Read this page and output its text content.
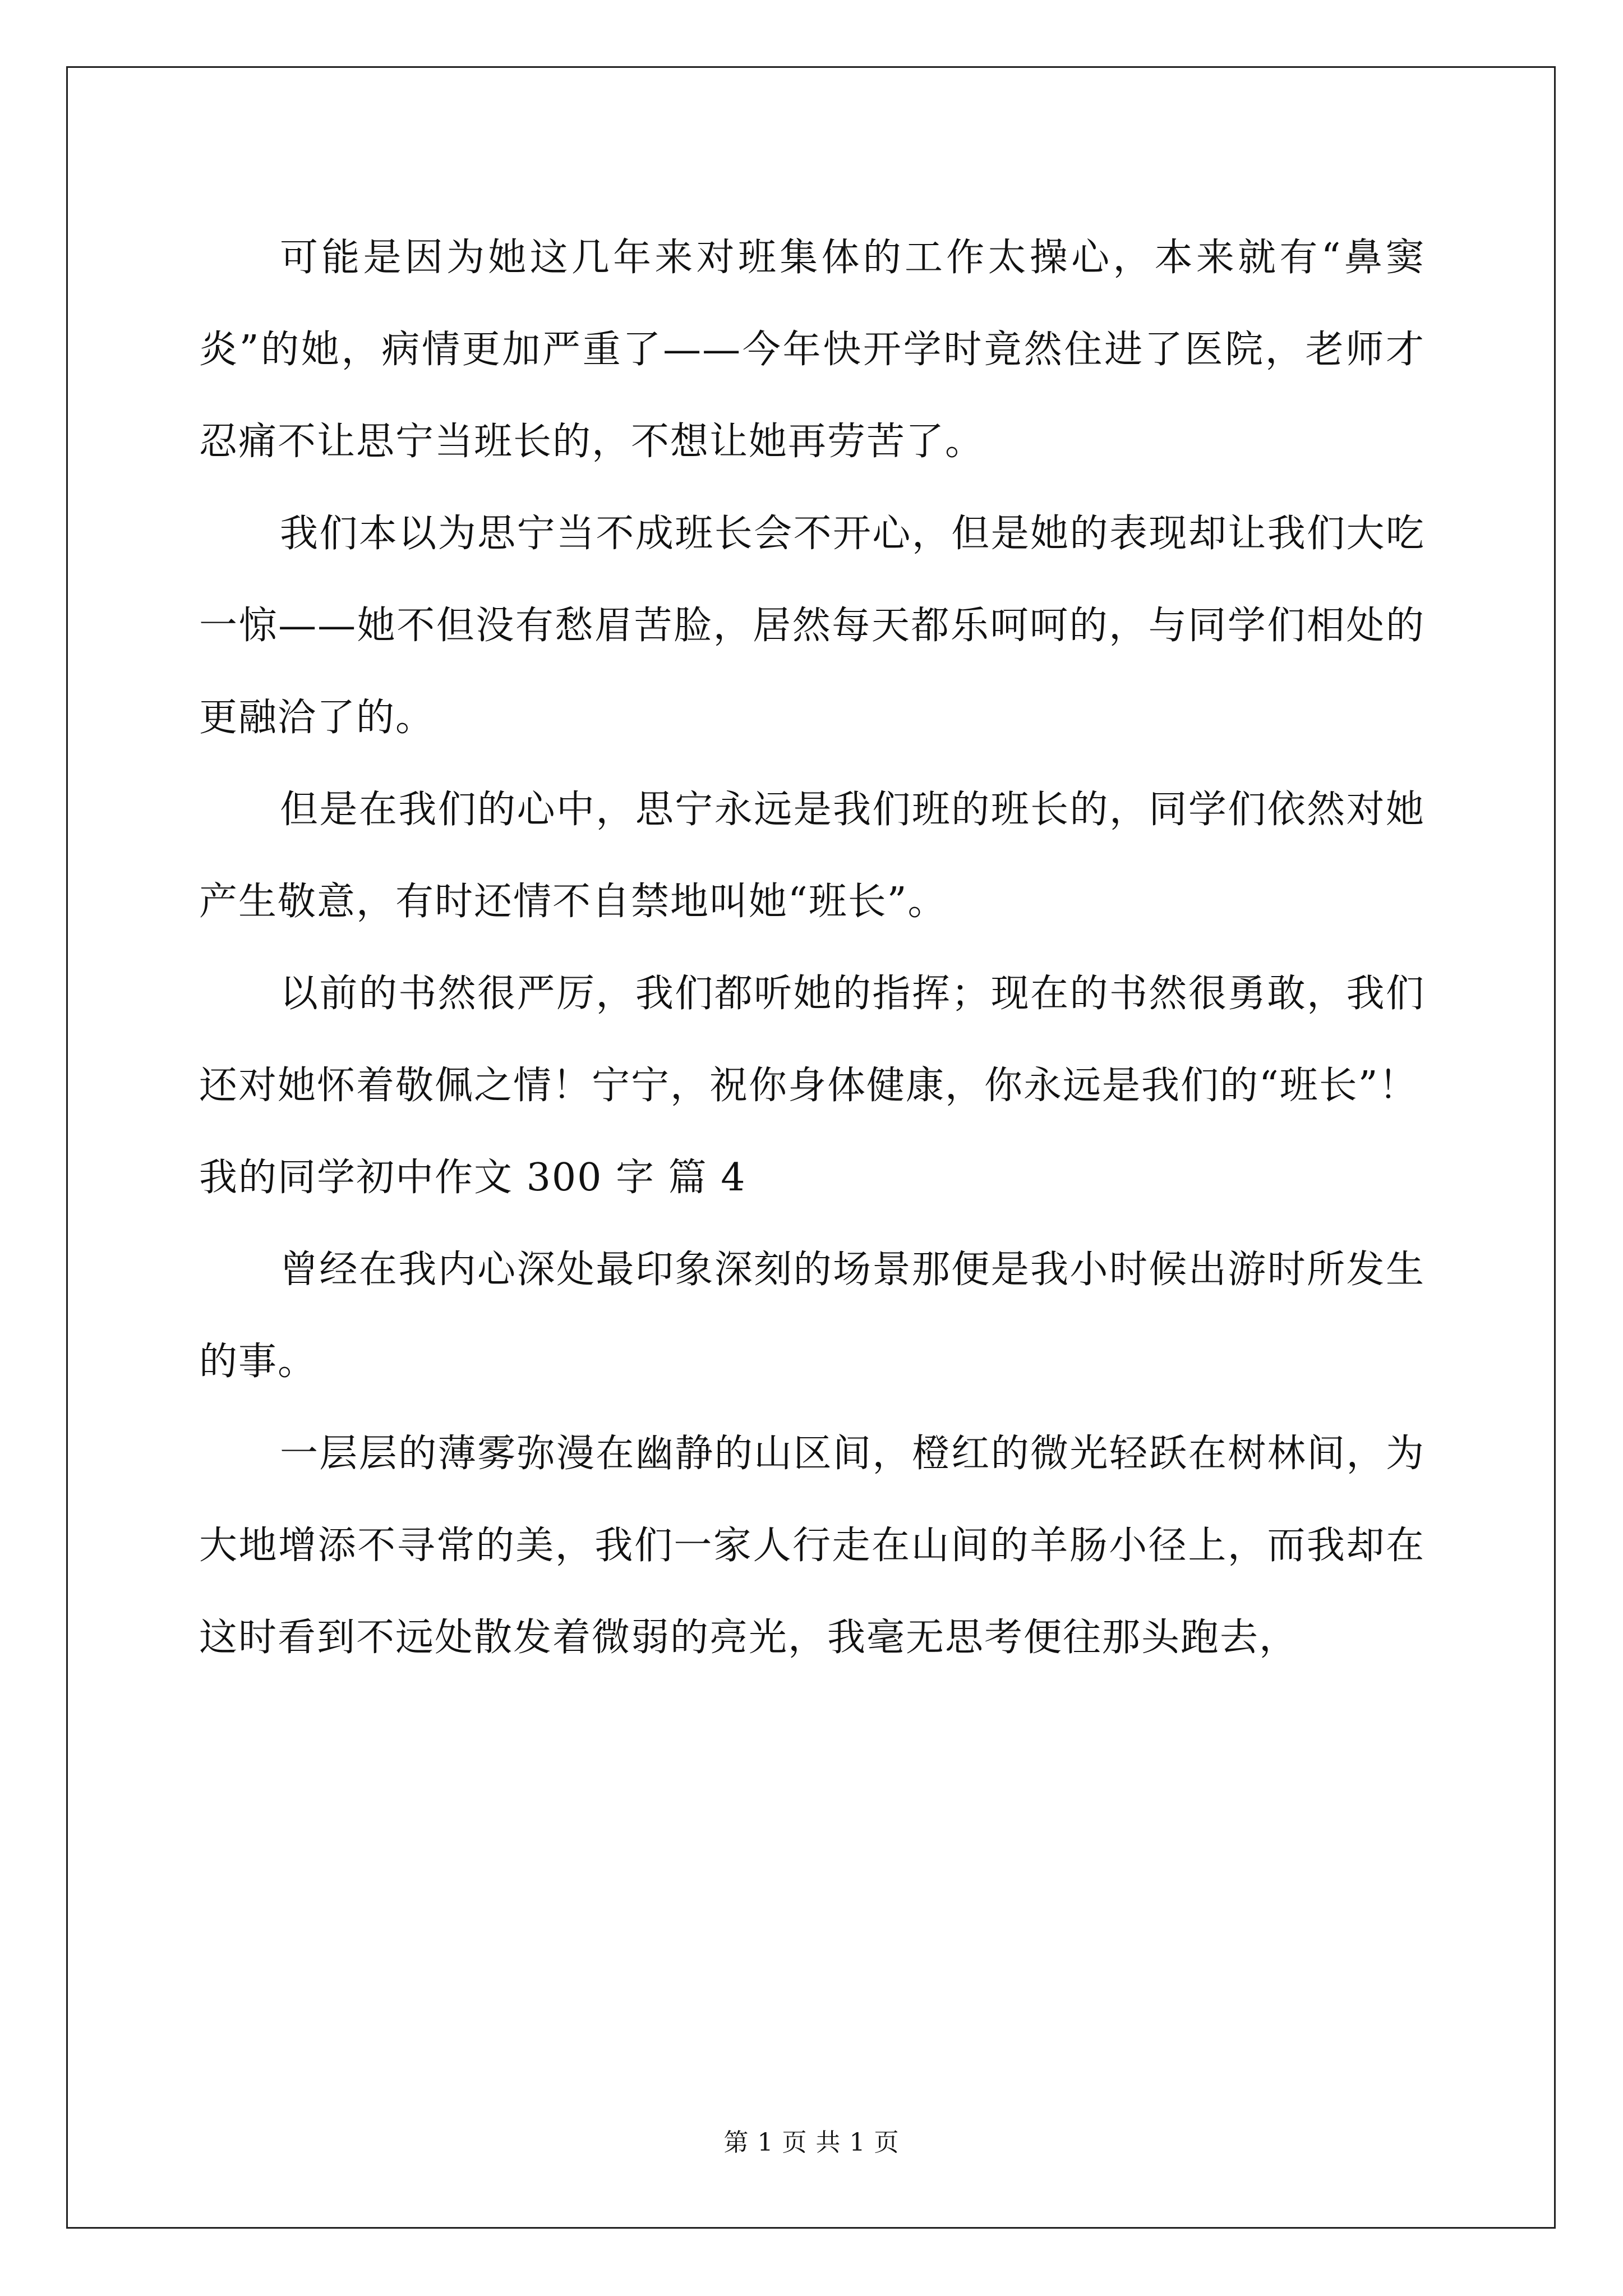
可能是因为她这几年来对班集体的工作太操心，本来就有“鼻窦炎”的她，病情更加严重了——今年快开学时竟然住进了医院，老师才忍痛不让思宁当班长的，不想让她再劳苦了。

我们本以为思宁当不成班长会不开心，但是她的表现却让我们大吃一惊——她不但没有愁眉苦脸，居然每天都乐呵呵的，与同学们相处的更融洽了的。

但是在我们的心中，思宁永远是我们班的班长的，同学们依然对她产生敬意，有时还情不自禁地叫她“班长”。

以前的书然很严厉，我们都听她的指挥；现在的书然很勇敢，我们还对她怀着敬佩之情！宁宁，祝你身体健康，你永远是我们的“班长”！

我的同学初中作文 300 字 篇 4

曾经在我内心深处最印象深刻的场景那便是我小时候出游时所发生的事。

一层层的薄雾弥漫在幽静的山区间，橙红的微光轻跃在树林间，为大地增添不寻常的美，我们一家人行走在山间的羊肠小径上，而我却在这时看到不远处散发着微弱的亮光，我毫无思考便往那头跑去，

第 1 页 共 1 页
